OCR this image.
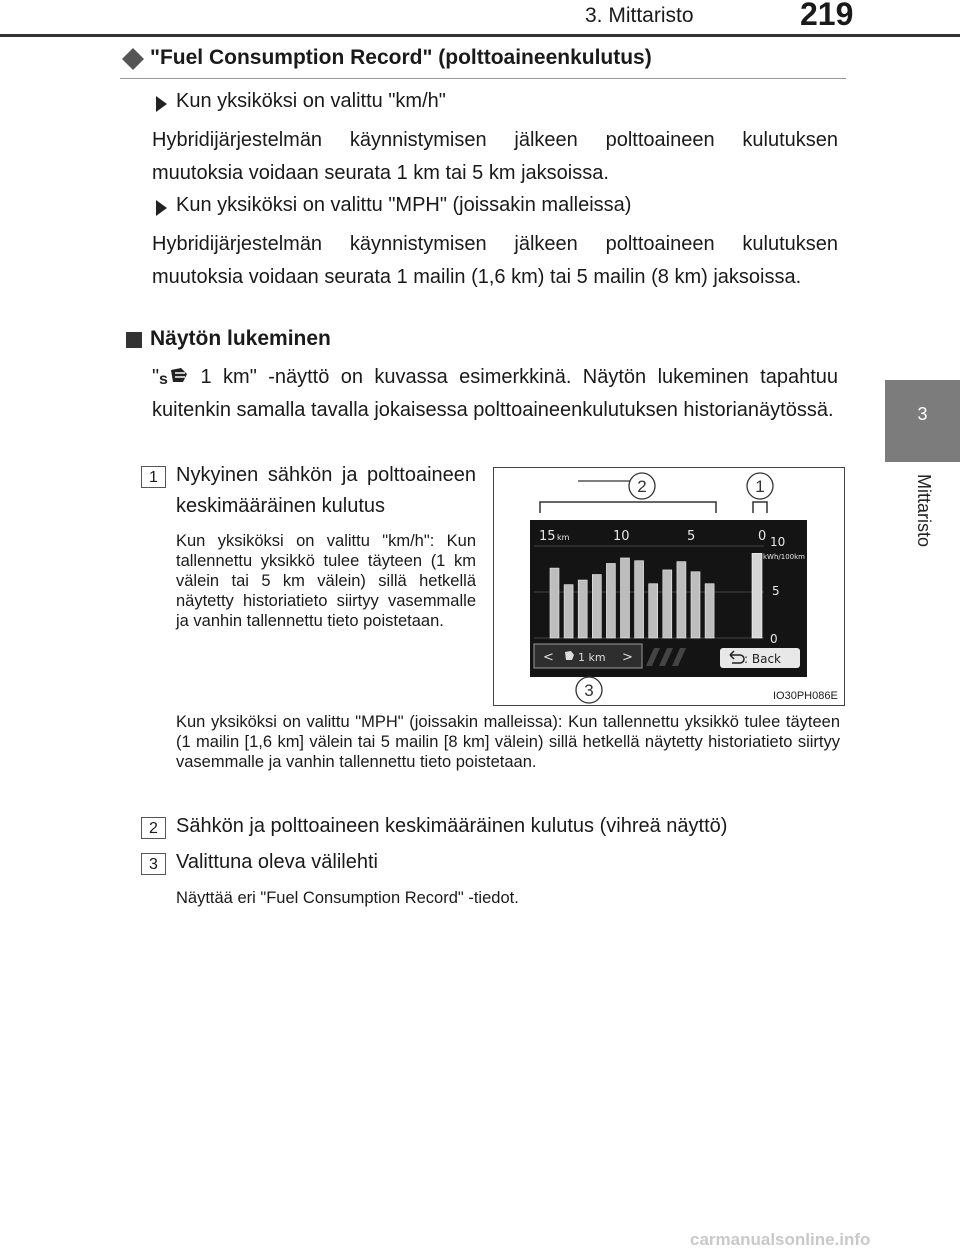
3. Mittaristo	219
3
Mittaristo
"Fuel Consumption Record" (polttoaineenkulutus)
Kun yksiköksi on valittu "km/h"
Hybridijärjestelmän käynnistymisen jälkeen polttoaineen kulutuksen muutoksia voidaan seurata 1 km tai 5 km jaksoissa.
Kun yksiköksi on valittu "MPH" (joissakin malleissa)
Hybridijärjestelmän käynnistymisen jälkeen polttoaineen kulutuksen muutoksia voidaan seurata 1 mailin (1,6 km) tai 5 mailin (8 km) jaksoissa.
Näytön lukeminen
" s 1 km" -näyttö on kuvassa esimerkkinä. Näytön lukeminen tapahtuu kuitenkin samalla tavalla jokaisessa polttoaineenkulutuksen historianäytössä.
1 Nykyinen sähkön ja polttoaineen keskimääräinen kulutus
Kun yksiköksi on valittu "km/h": Kun tallennettu yksikkö tulee täyteen (1 km välein tai 5 km välein) sillä hetkellä näytetty historiatieto siirtyy vasemmalle ja vanhin tallennettu tieto poistetaan.
Kun yksiköksi on valittu "MPH" (joissakin malleissa): Kun tallennettu yksikkö tulee täyteen (1 mailin [1,6 km] välein tai 5 mailin [8 km] välein) sillä hetkellä näytetty historiatieto siirtyy vasemmalle ja vanhin tallennettu tieto poistetaan.
2	1
15 km	10	5	0 10
kWh/100km
5
0
< 1 km >	: Back
3	IO30PH086E
2 Sähkön ja polttoaineen keskimääräinen kulutus (vihreä näyttö)
3 Valittuna oleva välilehti
Näyttää eri "Fuel Consumption Record" -tiedot.
carmanualsonline.info
